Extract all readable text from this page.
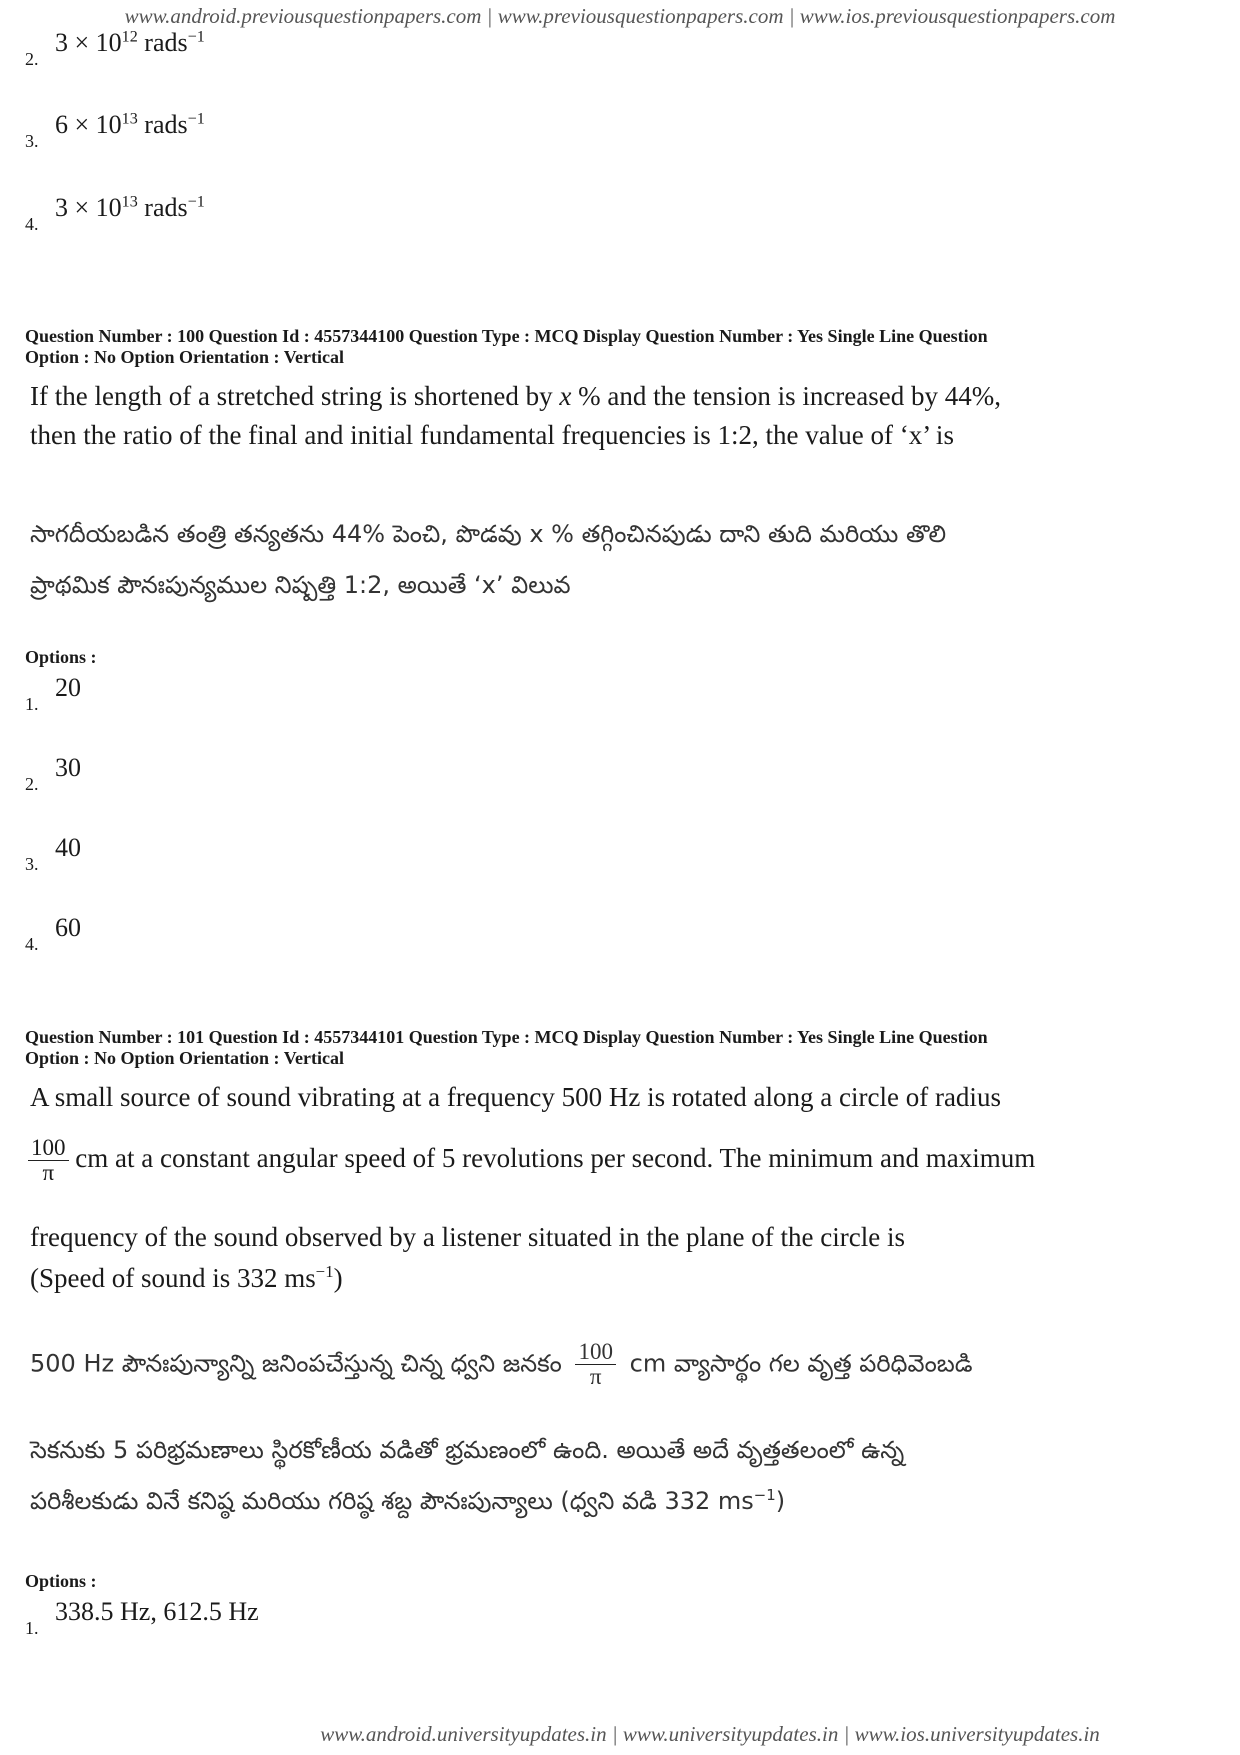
www.android.previousquestionpapers.com | www.previousquestionpapers.com | www.ios.previousquestionpapers.com
2. $3 \times 10^{12}$ rads$^{-1}$
3. $6 \times 10^{13}$ rads$^{-1}$
4. $3 \times 10^{13}$ rads$^{-1}$
Question Number : 100 Question Id : 4557344100 Question Type : MCQ Display Question Number : Yes Single Line Question
Option : No Option Orientation : Vertical
If the length of a stretched string is shortened by x % and the tension is increased by 44%,
then the ratio of the final and initial fundamental frequencies is 1:2, the value of ‘x’ is
సాగదీయబడిన తంత్రి తన్యతను 44% పెంచి, పొడవు x % తగ్గించినపుడు దాని తుది మరియు తొలి
ప్రాథమిక పౌనఃపున్యముల నిష్పత్తి 1:2, అయితే ‘x’ విలువ
Options :
1. 20
2. 30
3. 40
4. 60
Question Number : 101 Question Id : 4557344101 Question Type : MCQ Display Question Number : Yes Single Line Question
Option : No Option Orientation : Vertical
A small source of sound vibrating at a frequency 500 Hz is rotated along a circle of radius
$\frac{100}{\pi}$ cm at a constant angular speed of 5 revolutions per second. The minimum and maximum
frequency of the sound observed by a listener situated in the plane of the circle is
(Speed of sound is 332 $ms^{-1}$)
500 Hz పౌనఃపున్యాన్ని జనింపచేస్తున్న చిన్న ధ్వని జనకం $\frac{100}{\pi}$ cm వ్యాసార్థం గల వృత్త పరిధివెంబడి
సెకనుకు 5 పరిభ్రమణాలు స్థిరకోణీయ వడితో భ్రమణంలో ఉంది. అయితే అదే వృత్తతలంలో ఉన్న
పరిశీలకుడు వినే కనిష్ఠ మరియు గరిష్ఠ శబ్ద పౌనఃపున్యాలు (ధ్వని వడి 332 $ms^{-1}$)
Options :
1. 338.5 Hz, 612.5 Hz
www.android.universityupdates.in | www.universityupdates.in | www.ios.universityupdates.in
